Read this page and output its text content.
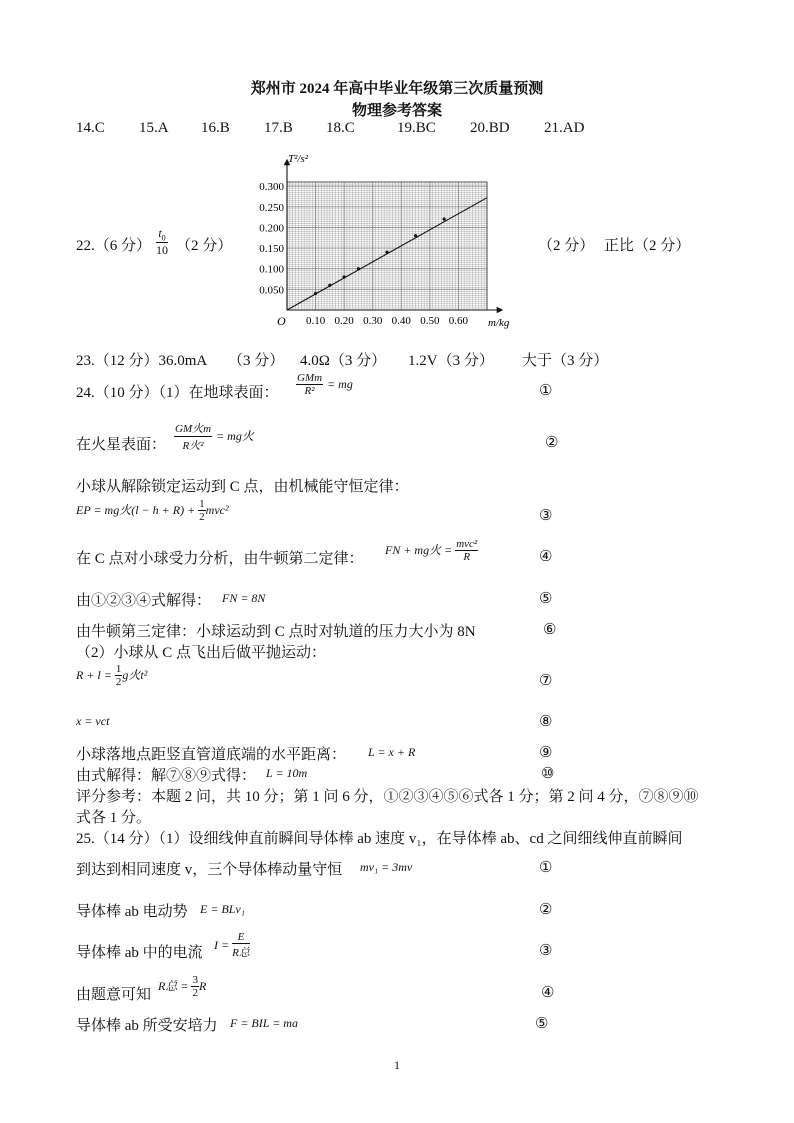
郑州市 2024 年高中毕业年级第三次质量预测
物理参考答案
14.C 15.A 16.B 17.B 18.C	19.BC 20.BD 21.AD
22.（6 分） $\frac{t_0}{10} (2$ 分）	（2 分） 正比（2 分）
0.10 0.20 0.30 0.40 0.50 0.60
0.050
0.100
0.150
0.200
0.250
0.300
T²/s²
m/kg
O
23.（12 分）36.0mA （3 分） 4.0Ω（3 分） 1.2V（3 分） 大于（3 分）
24.（10 分）（1）在地球表面： $\frac{\text{GMm}}{\text{R²}}$ = mg	①
在火星表面： $\frac{\text{GM火m}}{\text{R火²}}$ = mg火	②
小球从解除锁定运动到 C 点，由机械能守恒定律：
EP = mg火$(l - h + R) + \frac{1}{2} mvc^2$	③
在 C 点对小球受力分析，由牛顿第二定律：
FN + mg火 = $\frac{\text{mvc²}}{R}$	④
由①②③④式解得： FN = 8N	⑤
由牛顿第三定律：小球运动到 C 点时对轨道的压力大小为 8N	⑥
（2）小球从 C 点飞出后做平抛运动：
$R + l = \frac{1}{2}$ g火t²	⑦
x = vct	⑧
小球落地点距竖直管道底端的水平距离： L = x + R	⑨
由式解得：解⑦⑧⑨式得： L = 10m	⑩
评分参考：本题 2 问，共 10 分；第 1 问 6 分，①②③④⑤⑥式各 1 分；第 2 问 4 分，⑦⑧⑨⑩
式各 1 分。
25.（14 分）（1）设细线伸直前瞬间导体棒 ab 速度 v₁，在导体棒 ab、cd 之间细线伸直前瞬间
到达到相同速度 v，三个导体棒动量守恒 mv₁ = 3mv	①
导体棒 ab 电动势 E = BLv₁	②
导体棒 ab 中的电流 $I = \frac{E}{\text{R总}}$	③
由题意可知
R总 = $\frac{3}{2}$ R	④
导体棒 ab 所受安培力 F = BIL = ma	⑤
1
